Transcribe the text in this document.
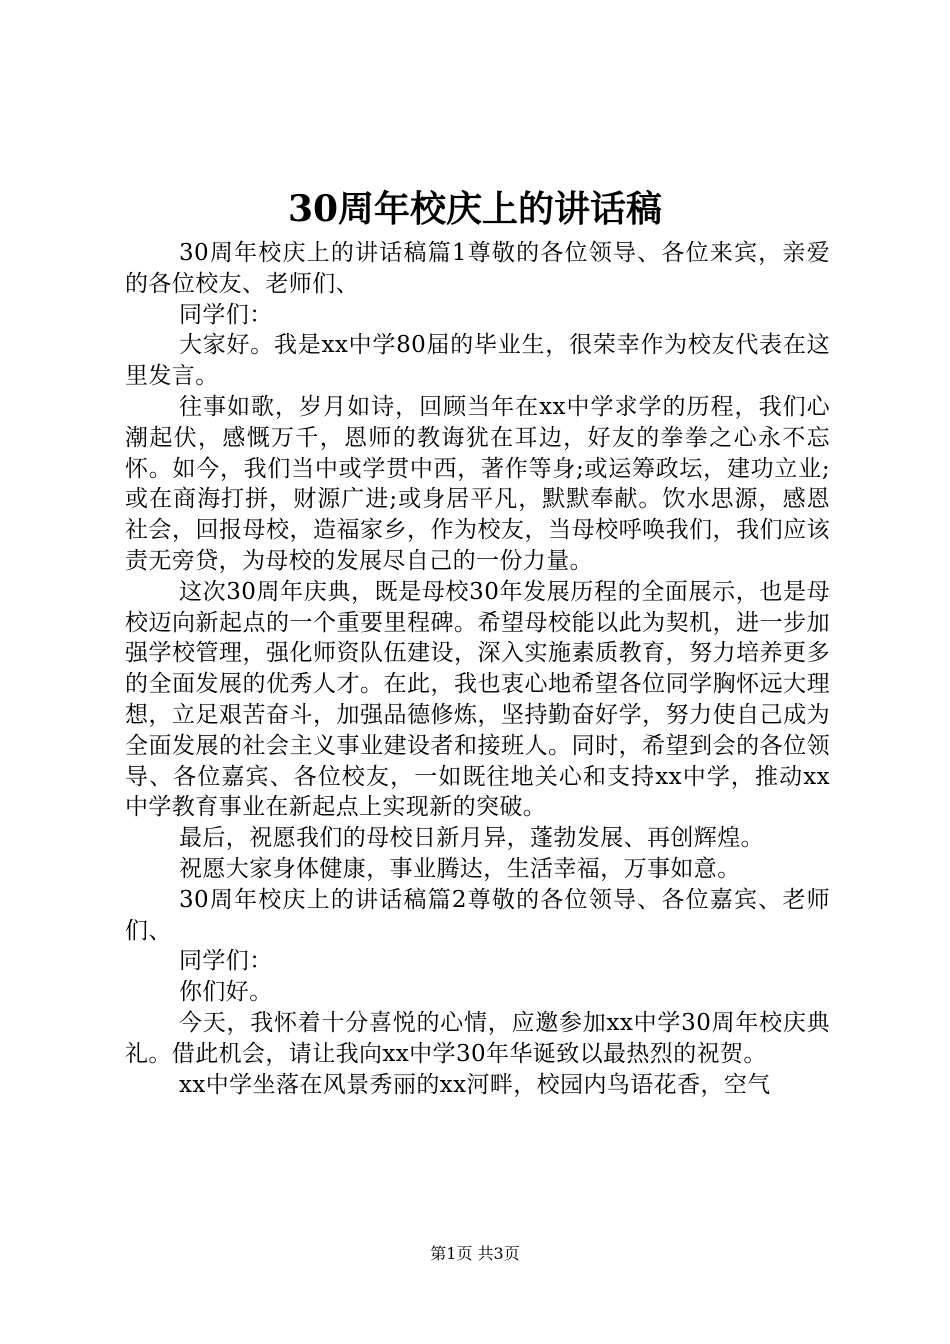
30周年校庆上的讲话稿

30周年校庆上的讲话稿篇1尊敬的各位领导、各位来宾，亲爱的各位校友、老师们、

同学们：

大家好。我是xx中学80届的毕业生，很荣幸作为校友代表在这里发言。

往事如歌，岁月如诗，回顾当年在xx中学求学的历程，我们心潮起伏，感慨万千，恩师的教诲犹在耳边，好友的拳拳之心永不忘怀。如今，我们当中或学贯中西，著作等身;或运筹政坛，建功立业;或在商海打拼，财源广进;或身居平凡，默默奉献。饮水思源，感恩社会，回报母校，造福家乡，作为校友，当母校呼唤我们，我们应该责无旁贷，为母校的发展尽自己的一份力量。

这次30周年庆典，既是母校30年发展历程的全面展示，也是母校迈向新起点的一个重要里程碑。希望母校能以此为契机，进一步加强学校管理，强化师资队伍建设，深入实施素质教育，努力培养更多的全面发展的优秀人才。在此，我也衷心地希望各位同学胸怀远大理想，立足艰苦奋斗，加强品德修炼，坚持勤奋好学，努力使自己成为全面发展的社会主义事业建设者和接班人。同时，希望到会的各位领导、各位嘉宾、各位校友，一如既往地关心和支持xx中学，推动xx中学教育事业在新起点上实现新的突破。

最后，祝愿我们的母校日新月异，蓬勃发展、再创辉煌。

祝愿大家身体健康，事业腾达，生活幸福，万事如意。

30周年校庆上的讲话稿篇2尊敬的各位领导、各位嘉宾、老师们、

同学们：

你们好。

今天，我怀着十分喜悦的心情，应邀参加xx中学30周年校庆典礼。借此机会，请让我向xx中学30年华诞致以最热烈的祝贺。

xx中学坐落在风景秀丽的xx河畔，校园内鸟语花香，空气

第1页 共3页
